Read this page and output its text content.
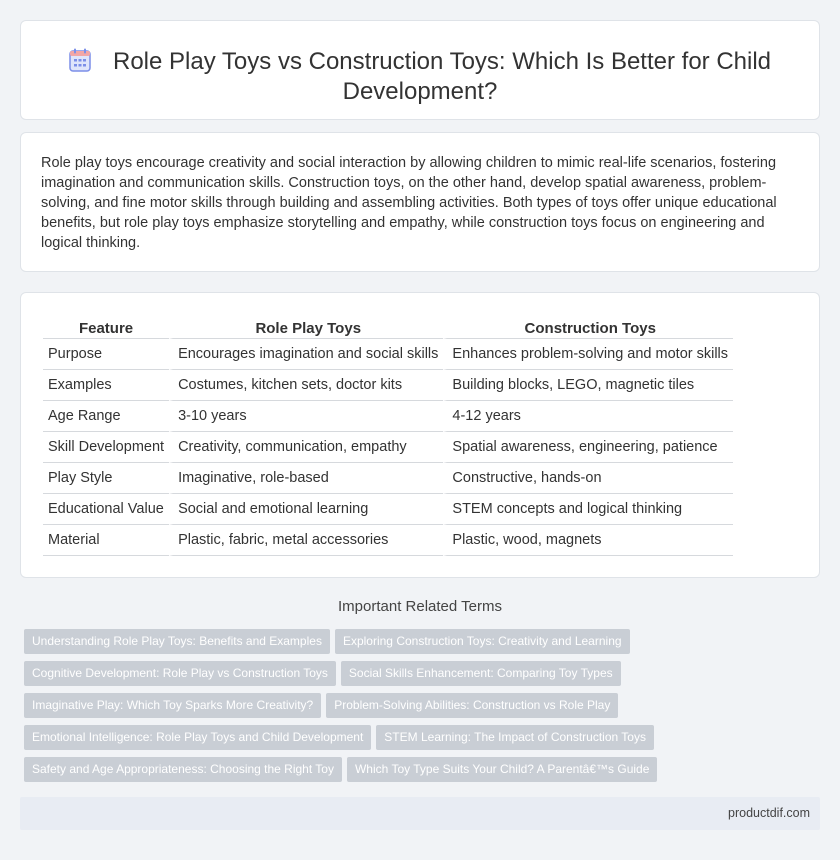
Role Play Toys vs Construction Toys: Which Is Better for Child Development?

Role play toys encourage creativity and social interaction by allowing children to mimic real-life scenarios, fostering imagination and communication skills. Construction toys, on the other hand, develop spatial awareness, problem-solving, and fine motor skills through building and assembling activities. Both types of toys offer unique educational benefits, but role play toys emphasize storytelling and empathy, while construction toys focus on engineering and logical thinking.

Feature	Role Play Toys	Construction Toys
Purpose	Encourages imagination and social skills	Enhances problem-solving and motor skills
Examples	Costumes, kitchen sets, doctor kits	Building blocks, LEGO, magnetic tiles
Age Range	3-10 years	4-12 years
Skill Development	Creativity, communication, empathy	Spatial awareness, engineering, patience
Play Style	Imaginative, role-based	Constructive, hands-on
Educational Value	Social and emotional learning	STEM concepts and logical thinking
Material	Plastic, fabric, metal accessories	Plastic, wood, magnets
Important Related Terms
Understanding Role Play Toys: Benefits and Examples Exploring Construction Toys: Creativity and Learning
Cognitive Development: Role Play vs Construction Toys Social Skills Enhancement: Comparing Toy Types
Imaginative Play: Which Toy Sparks More Creativity? Problem-Solving Abilities: Construction vs Role Play
Emotional Intelligence: Role Play Toys and Child Development STEM Learning: The Impact of Construction Toys
Safety and Age Appropriateness: Choosing the Right Toy Which Toy Type Suits Your Child? A Parentâ€™s Guide
productdif.com
